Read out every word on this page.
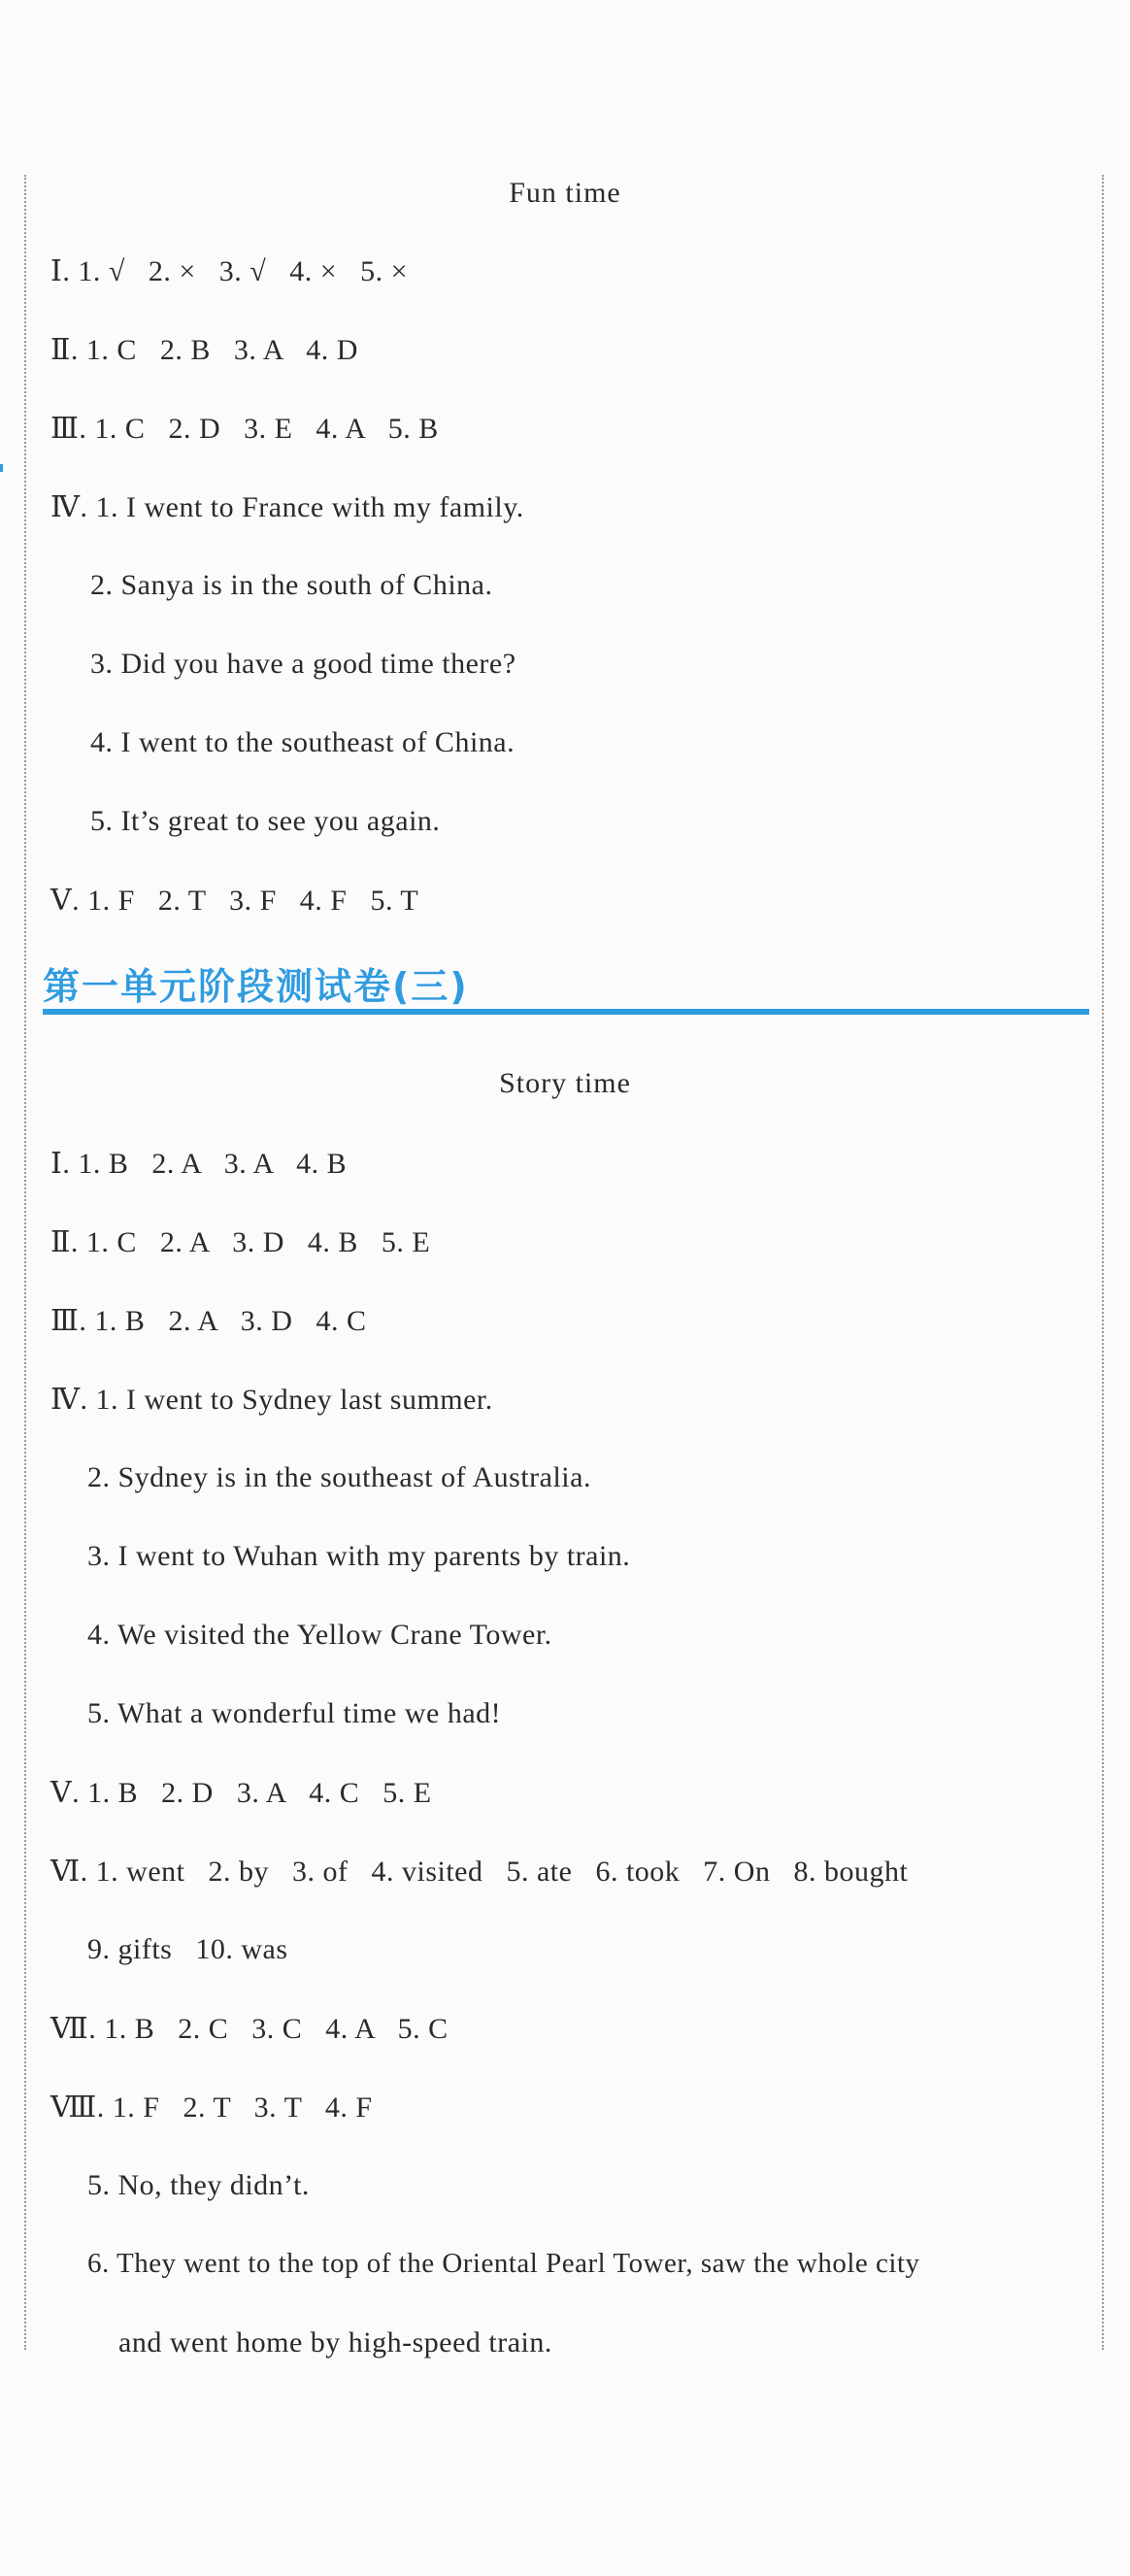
Fun time
Ⅰ. 1. √   2. ×   3. √   4. ×   5. ×
Ⅱ. 1. C   2. B   3. A   4. D
Ⅲ. 1. C   2. D   3. E   4. A   5. B
Ⅳ. 1. I went to France with my family.
2. Sanya is in the south of China.
3. Did you have a good time there?
4. I went to the southeast of China.
5. It’s great to see you again.
Ⅴ. 1. F   2. T   3. F   4. F   5. T
第一单元阶段测试卷(三)
Story time
Ⅰ. 1. B   2. A   3. A   4. B
Ⅱ. 1. C   2. A   3. D   4. B   5. E
Ⅲ. 1. B   2. A   3. D   4. C
Ⅳ. 1. I went to Sydney last summer.
2. Sydney is in the southeast of Australia.
3. I went to Wuhan with my parents by train.
4. We visited the Yellow Crane Tower.
5. What a wonderful time we had!
Ⅴ. 1. B   2. D   3. A   4. C   5. E
Ⅵ. 1. went   2. by   3. of   4. visited   5. ate   6. took   7. On   8. bought
9. gifts   10. was
Ⅶ. 1. B   2. C   3. C   4. A   5. C
Ⅷ. 1. F   2. T   3. T   4. F
5. No, they didn’t.
6. They went to the top of the Oriental Pearl Tower, saw the whole city
and went home by high-speed train.
